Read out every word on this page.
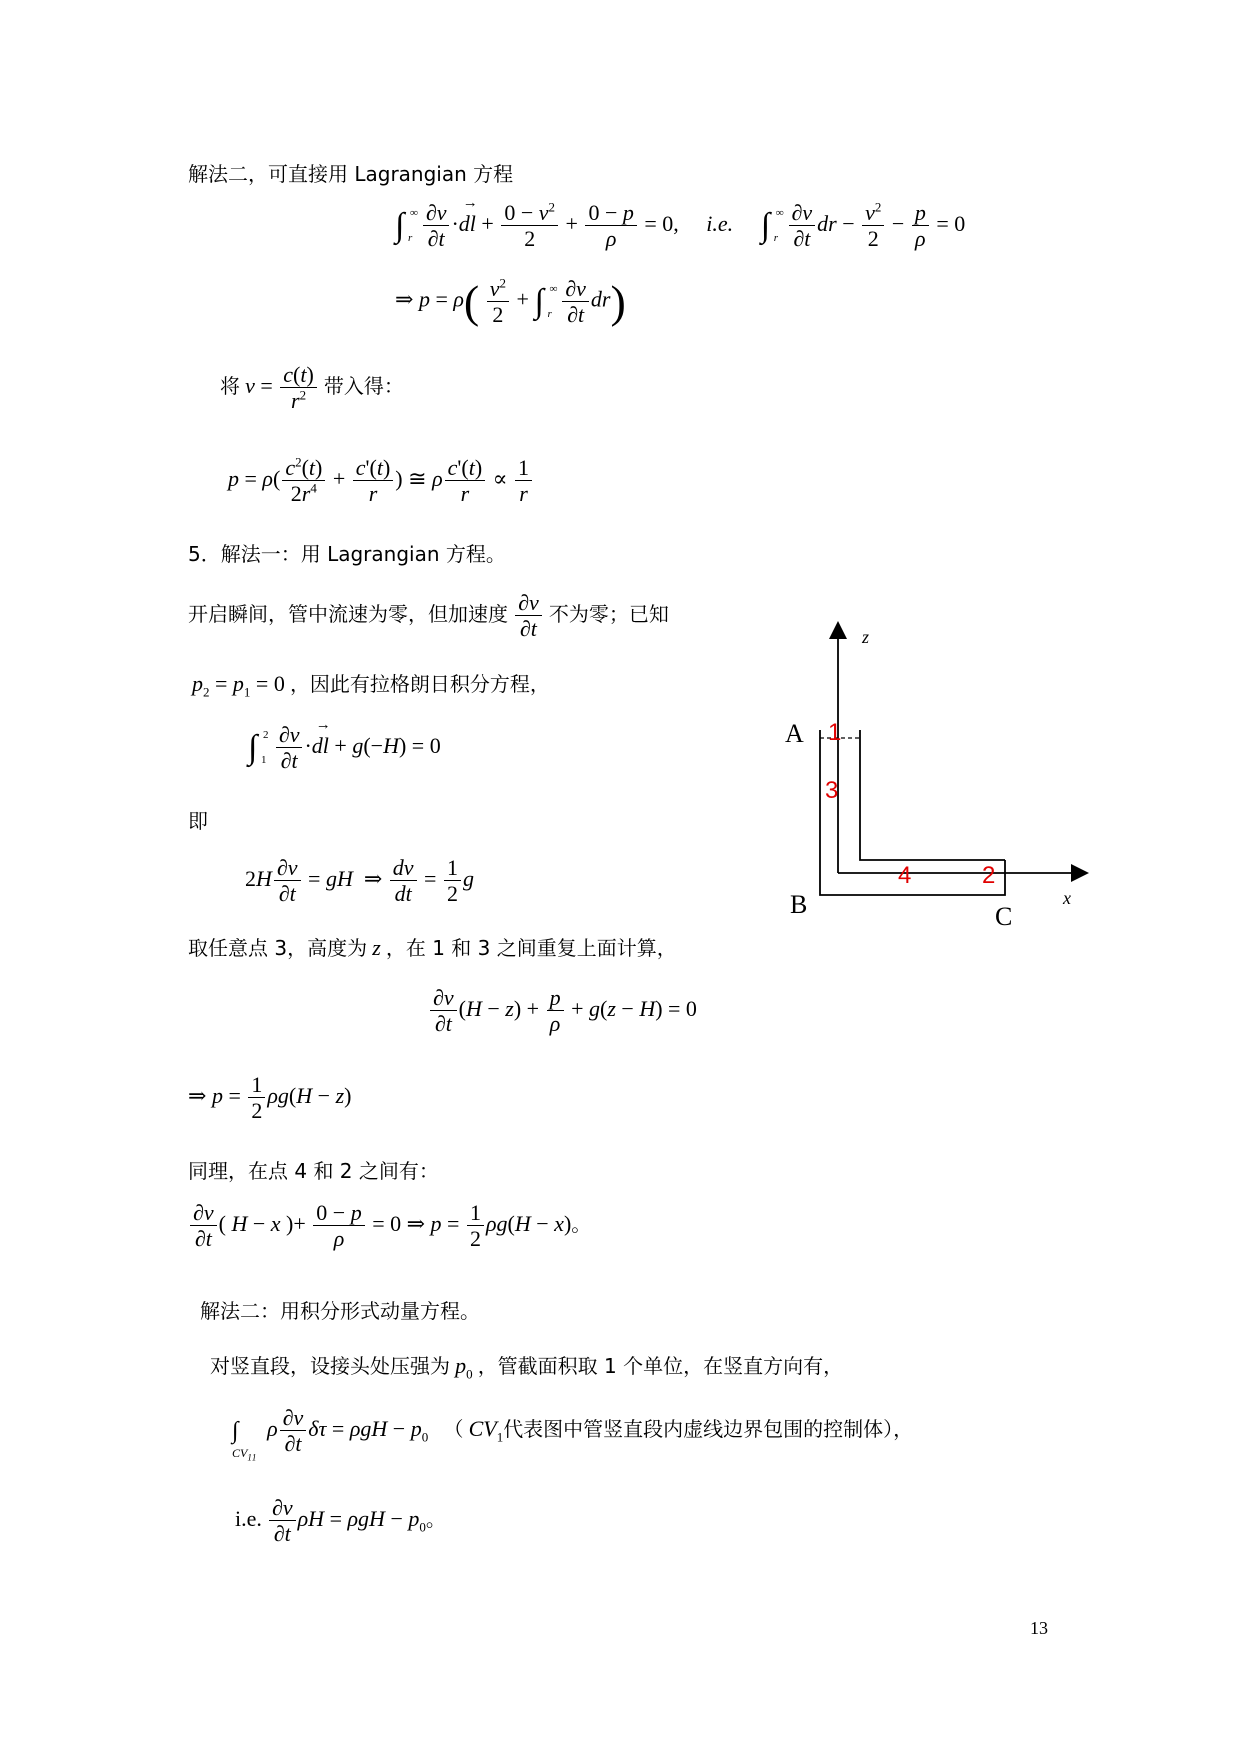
解法二，可直接用 Lagrangian 方程
∫ ∞
r
$\frac{\partial v}{\partial t}$ ·→ dl + $\frac{0 - v^2}{2} + \frac{0 - p}{\rho} = 0$,     i.e. ∫ ∞
r
$\frac{\partial v}{\partial t}$ dr − $\frac{v^2}{2} - \frac{p}{\rho} = 0$
⇒ $p = \rho( \frac{v^2}{2}$ + ∫ ∞
r
$\frac{\partial v}{\partial t} dr$)
将 $v = \frac{c(t)}{r^2}$ 带入得：
$p = \rho( \frac{c^2(t)}{2r^4} + \frac{c'(t)}{r}$ ) ≅ ρ $\frac{c'(t)}{r} \propto \frac{1}{r}$
5．解法一：用 Lagrangian 方程。
开启瞬间，管中流速为零，但加速度 $\frac{\partial v}{\partial t}$ 不为零；已知
$p_2 = p_1 = 0$ ，因此有拉格朗日积分方程，
∫ 2
1
$\frac{\partial v}{\partial t}$ ·→ dl + g(−H) = 0
即
$2H \frac{\partial v}{\partial t}$ = gH  ⇒ $\frac{dv}{dt} = \frac{1}{2}$ g
取任意点 3，高度为 z ，在 1 和 3 之间重复上面计算，
$\frac{\partial v}{\partial t} (H - z) + \frac{p}{\rho} + g(z - H) = 0$
⇒ $p = \frac{1}{2} \rho g(H - z)$
同理，在点 4 和 2 之间有：
$\frac{\partial v}{\partial t}$ ( H − x )+ $\frac{0 - p}{\rho} = 0$ ⇒ $p = \frac{1}{2} \rho g(H - x)$。
解法二：用积分形式动量方程。
对竖直段，设接头处压强为 $p_0$ ，管截面积取 1 个单位，在竖直方向有，
∫
$CV_{11}$
ρ $\frac{\partial v}{\partial t}$ $\delta\tau = \rho gH - p_0$ （ $CV_1$代表图中管竖直段内虚线边界包围的控制体），
i.e. $\frac{\partial v}{\partial t}$ $\rho H = \rho gH - p_0$。
13
A
B	C
z
x
1
3
4	2
